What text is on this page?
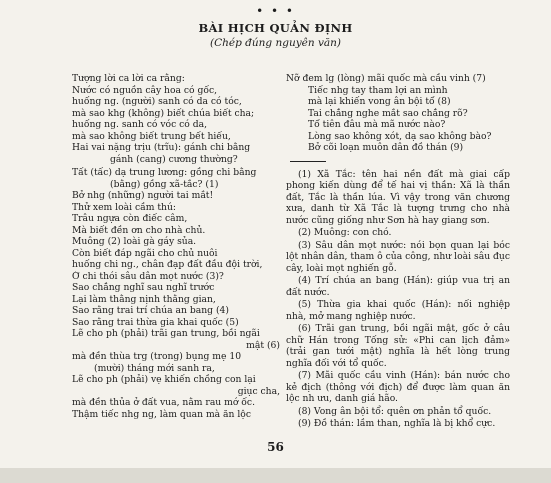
• • •
BÀI HỊCH QUẢN ĐỊNH
(Chép đúng nguyên văn)
Tượng lời ca lời ca rằng:
Nước có nguồn cây hoa có gốc,
huống ng. (người) sanh có da có tóc,
mà sao khg (không) biết chúa biết cha;
huống ng. sanh có vóc có da,
mà sao không biết trung bết hiếu,
Hai vai nặng trịu (trĩu): gánh chi bằng
gánh (cang) cương thường?
Tất (tấc) dạ trung lương: gồng chi bằng
(bằng) gồng xã-tắc? (1)
Bở nhg (những) người tai mắt!
Thử xem loài cầm thú:
Trâu ngựa còn điếc câm,
Mà biết đền ơn cho nhà chủ.
Muông (2) loài gà gáy sủa.
Còn biết đáp ngãi cho chủ nuôi
huống chi ng., chân đạp đất đầu đội trời,
Ở chi thói sâu dân mọt nước (3)?
Sao chẳng nghĩ sau nghĩ trước
Lại làm thằng nịnh thằng gian,
Sao rằng trai trí chúa an bang (4)
Sao rằng trai thừa gia khai quốc (5)
Lẽ cho ph (phải) trãi gan trung, bồi ngãi
mật (6)
mà đền thùa trg (trong) bụng mẹ 10
(mười) tháng mới sanh ra,
Lẽ cho ph (phải) vẹ khiến chồng con lại
giục cha,
mà đền thủa ở đất vua, nằm rau mớ ốc.
Thậm tiếc nhg ng, làm quan mà ăn lộc
Nỡ đem lg (lòng) mãi quốc mà cầu vinh (7)
Tiếc nhg tay tham lợi an mình
mà lại khiến vong ân bội tổ (8)
Tai chẳng nghe mắt sao chẳng rõ?
Tổ tiên đâu mà mã nước nào?
Lòng sao không xót, dạ sao không bào?
Bở cõi loạn muôn dân đồ thán (9)
(1) Xã Tắc: tên hai nền đất mà giai cấp phong kiến dùng để tế hai vị thần: Xã là thần đất, Tắc là thần lúa. Vì vậy trong văn chương xưa, danh từ Xã Tắc là tượng trưng cho nhà nước cũng giống như Sơn hà hay giang sơn.
(2) Muông: con chó.
(3) Sâu dân mọt nước: nói bọn quan lại bóc lột nhân dân, tham ô của công, như loài sâu đục cây, loài mọt nghiến gỗ.
(4) Trí chúa an bang (Hán): giúp vua trị an đất nước.
(5) Thừa gia khai quốc (Hán): nối nghiệp nhà, mở mang nghiệp nước.
(6) Trãi gan trung, bồi ngãi mật, gốc ở câu chữ Hán trong Tống sử: «Phi can lịch đảm» (trải gan tưới mật) nghĩa là hết lòng trung nghĩa đối với tổ quốc.
(7) Mãi quốc cầu vinh (Hán): bán nước cho kẻ địch (thông với địch) để được làm quan ăn lộc nh ưu, danh giá hão.
(8) Vong ân bội tổ: quên ơn phản tổ quốc.
(9) Đồ thán: lầm than, nghĩa là bị khổ cực.
56
